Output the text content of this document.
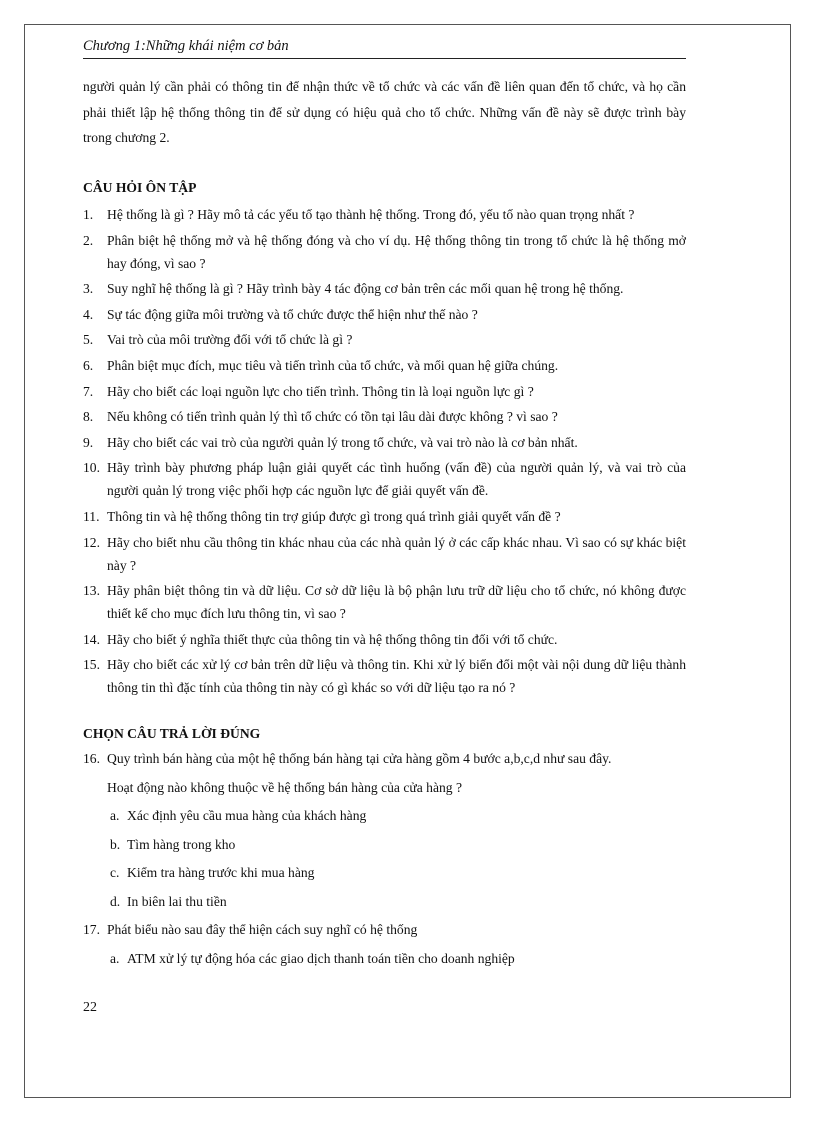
Chương 1:Những khái niệm cơ bản

người quản lý cần phải có thông tin để nhận thức về tổ chức và các vấn đề liên quan đến tổ chức, và họ cần phải thiết lập hệ thống thông tin để sử dụng có hiệu quả cho tổ chức. Những vấn đề này sẽ được trình bày trong chương 2.

CÂU HỎI ÔN TẬP
1. Hệ thống là gì ? Hãy mô tả các yếu tố tạo thành hệ thống. Trong đó, yếu tố nào quan trọng nhất ?
2. Phân biệt hệ thống mở và hệ thống đóng và cho ví dụ. Hệ thống thông tin trong tổ chức là hệ thống mở hay đóng, vì sao ?
3. Suy nghĩ hệ thống là gì ? Hãy trình bày 4 tác động cơ bản trên các mối quan hệ trong hệ thống.
4. Sự tác động giữa môi trường và tổ chức được thể hiện như thế nào ?
5. Vai trò của môi trường đối với tổ chức là gì ?
6. Phân biệt mục đích, mục tiêu và tiến trình của tổ chức, và mối quan hệ giữa chúng.
7. Hãy cho biết các loại nguồn lực cho tiến trình. Thông tin là loại nguồn lực gì ?
8. Nếu không có tiến trình quản lý thì tổ chức có tồn tại lâu dài được không ? vì sao ?
9. Hãy cho biết các vai trò của người quản lý trong tổ chức, và vai trò nào là cơ bản nhất.
10. Hãy trình bày phương pháp luận giải quyết các tình huống (vấn đề) của người quản lý, và vai trò của người quản lý trong việc phối hợp các nguồn lực để giải quyết vấn đề.
11. Thông tin và hệ thống thông tin trợ giúp được gì trong quá trình giải quyết vấn đề ?
12. Hãy cho biết nhu cầu thông tin khác nhau của các nhà quản lý ở các cấp khác nhau. Vì sao có sự khác biệt này ?
13. Hãy phân biệt thông tin và dữ liệu. Cơ sở dữ liệu là bộ phận lưu trữ dữ liệu cho tổ chức, nó không được thiết kế cho mục đích lưu thông tin, vì sao ?
14. Hãy cho biết ý nghĩa thiết thực của thông tin và hệ thống thông tin đối với tổ chức.
15. Hãy cho biết các xử lý cơ bản trên dữ liệu và thông tin. Khi xử lý biến đổi một vài nội dung dữ liệu thành thông tin thì đặc tính của thông tin này có gì khác so với dữ liệu tạo ra nó ?
CHỌN CÂU TRẢ LỜI ĐÚNG
16. Quy trình bán hàng của một hệ thống bán hàng tại cửa hàng gồm 4 bước a,b,c,d như sau đây.
Hoạt động nào không thuộc về hệ thống bán hàng của cửa hàng ?
a. Xác định yêu cầu mua hàng của khách hàng
b. Tìm hàng trong kho
c. Kiểm tra hàng trước khi mua hàng
d. In biên lai thu tiền
17. Phát biểu nào sau đây thể hiện cách suy nghĩ có hệ thống
a. ATM xử lý tự động hóa các giao dịch thanh toán tiền cho doanh nghiệp
22
